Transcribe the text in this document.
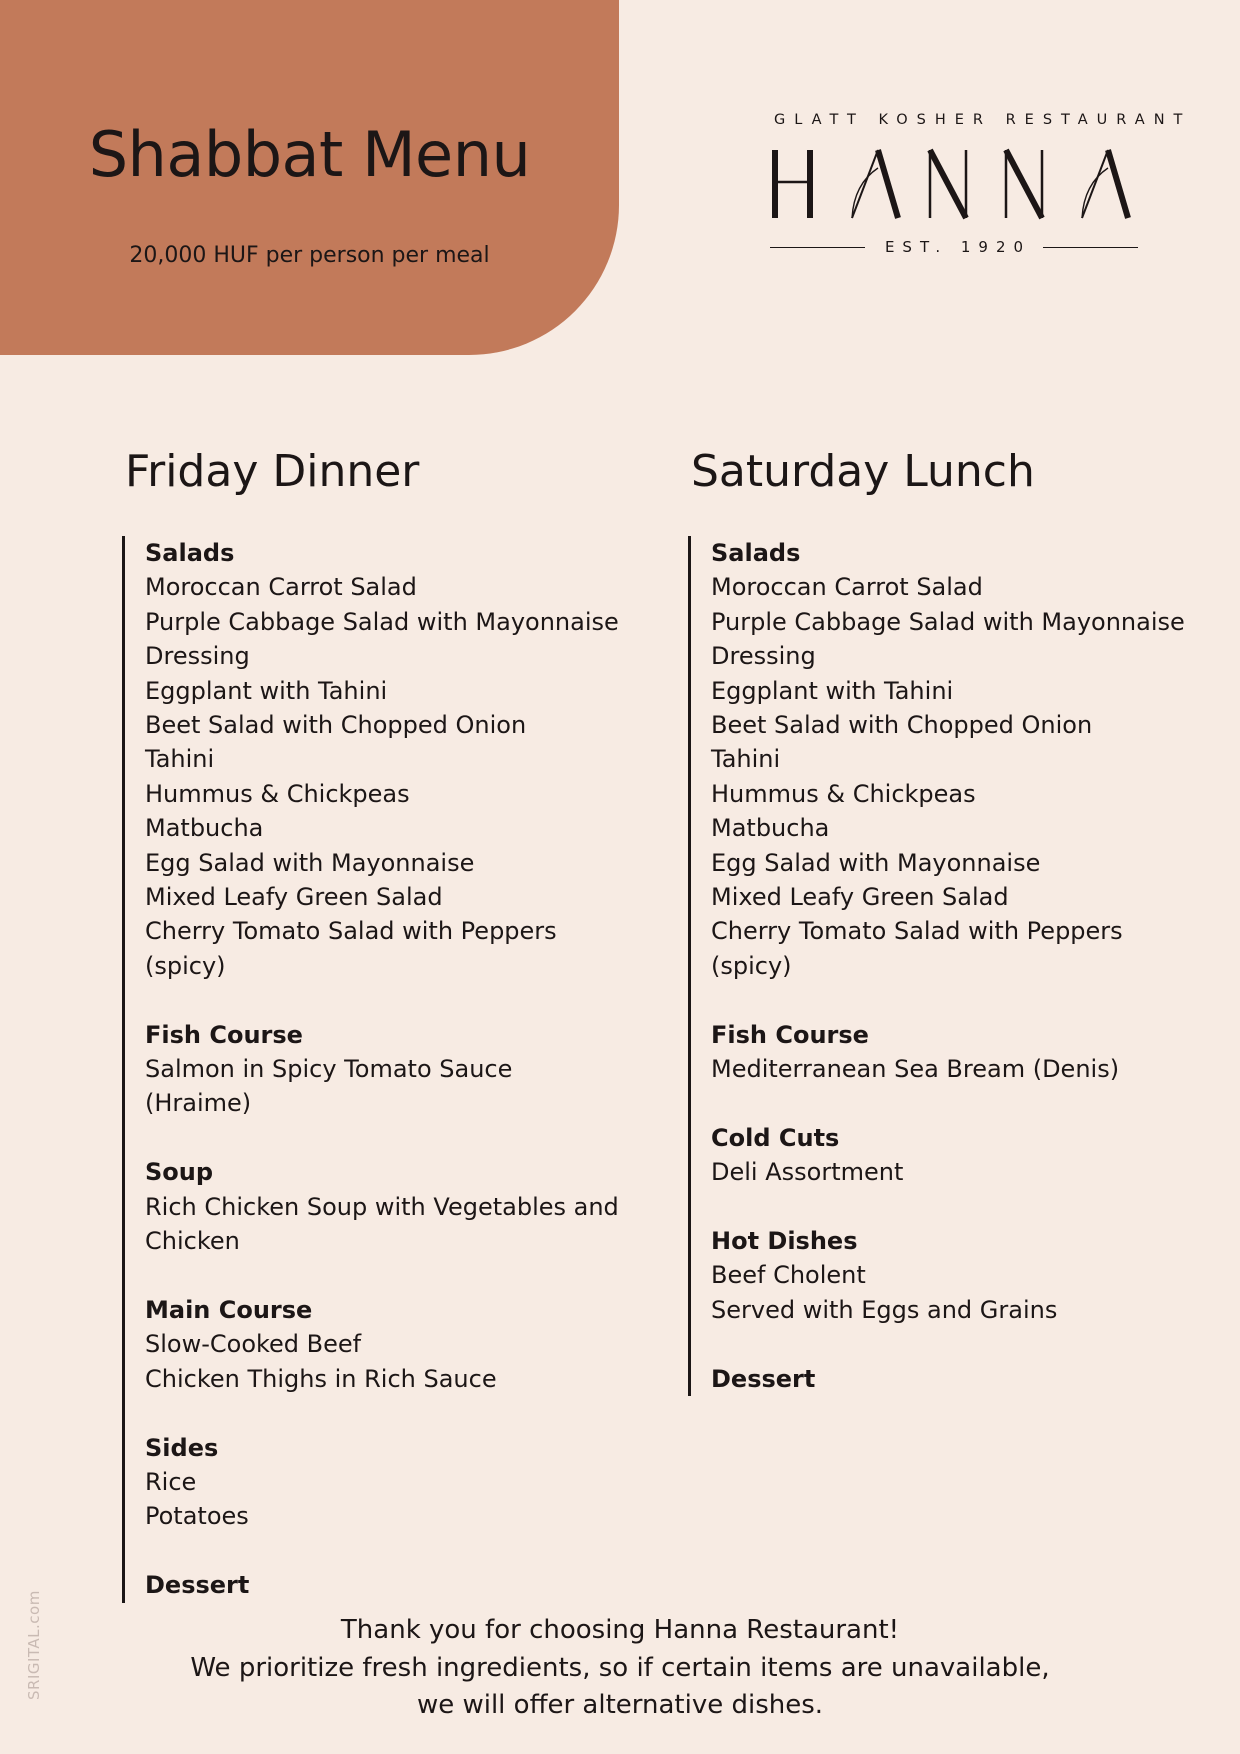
Shabbat Menu
20,000 HUF per person per meal
GLATT KOSHER RESTAURANT
EST. 1920
Friday Dinner
Salads
Moroccan Carrot Salad
Purple Cabbage Salad with Mayonnaise Dressing
Eggplant with Tahini
Beet Salad with Chopped Onion
Tahini
Hummus & Chickpeas
Matbucha
Egg Salad with Mayonnaise
Mixed Leafy Green Salad
Cherry Tomato Salad with Peppers (spicy)
Fish Course
Salmon in Spicy Tomato Sauce (Hraime)
Soup
Rich Chicken Soup with Vegetables and Chicken
Main Course
Slow-Cooked Beef
Chicken Thighs in Rich Sauce
Sides
Rice
Potatoes
Dessert
Saturday Lunch
Salads
Moroccan Carrot Salad
Purple Cabbage Salad with Mayonnaise Dressing
Eggplant with Tahini
Beet Salad with Chopped Onion
Tahini
Hummus & Chickpeas
Matbucha
Egg Salad with Mayonnaise
Mixed Leafy Green Salad
Cherry Tomato Salad with Peppers (spicy)
Fish Course
Mediterranean Sea Bream (Denis)
Cold Cuts
Deli Assortment
Hot Dishes
Beef Cholent
Served with Eggs and Grains
Dessert
Thank you for choosing Hanna Restaurant!
We prioritize fresh ingredients, so if certain items are unavailable,
we will offer alternative dishes.
SRIGITAL.com
